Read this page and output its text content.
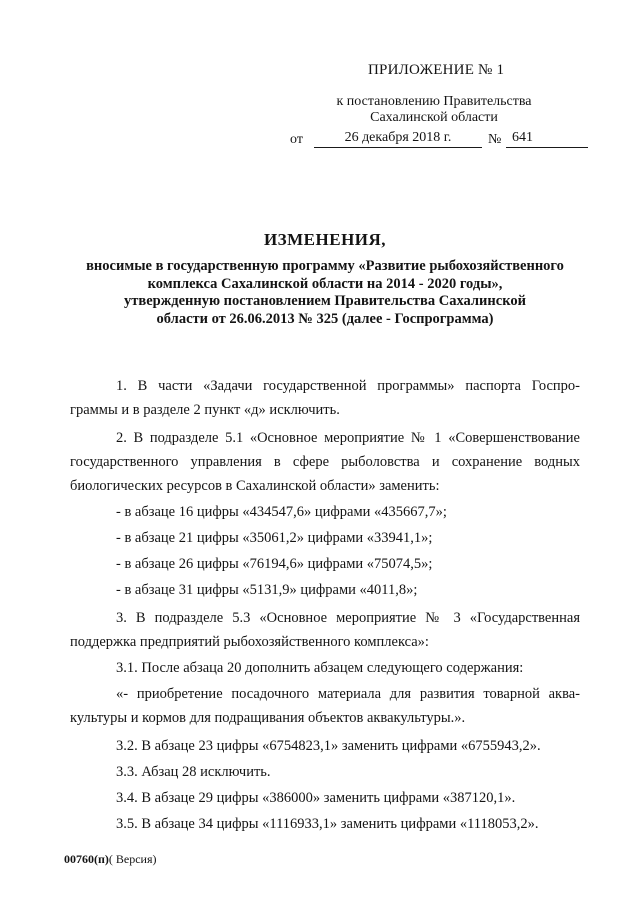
ПРИЛОЖЕНИЕ № 1
к постановлению Правительства
Сахалинской области
от	26 декабря 2018 г.	№ 641
ИЗМЕНЕНИЯ,
вносимые в государственную программу «Развитие рыбохозяйственного
комплекса Сахалинской области на 2014 - 2020 годы»,
утвержденную постановлением Правительства Сахалинской
области от 26.06.2013 № 325 (далее - Госпрограмма)
1. В части «Задачи государственной программы» паспорта Госпро-
граммы и в разделе 2 пункт «д» исключить.
2. В подразделе 5.1 «Основное мероприятие № 1 «Совершенствование
государственного управления в сфере рыболовства и сохранение водных
биологических ресурсов в Сахалинской области» заменить:
- в абзаце 16 цифры «434547,6» цифрами «435667,7»;
- в абзаце 21 цифры «35061,2» цифрами «33941,1»;
- в абзаце 26 цифры «76194,6» цифрами «75074,5»;
- в абзаце 31 цифры «5131,9» цифрами «4011,8»;
3. В подразделе 5.3 «Основное мероприятие № 3 «Государственная
поддержка предприятий рыбохозяйственного комплекса»:
3.1. После абзаца 20 дополнить абзацем следующего содержания:
«- приобретение посадочного материала для развития товарной аква-
культуры и кормов для подращивания объектов аквакультуры.».
3.2. В абзаце 23 цифры «6754823,1» заменить цифрами «6755943,2».
3.3. Абзац 28 исключить.
3.4. В абзаце 29 цифры «386000» заменить цифрами «387120,1».
3.5. В абзаце 34 цифры «1116933,1» заменить цифрами «1118053,2».
00760(п)( Версия)
